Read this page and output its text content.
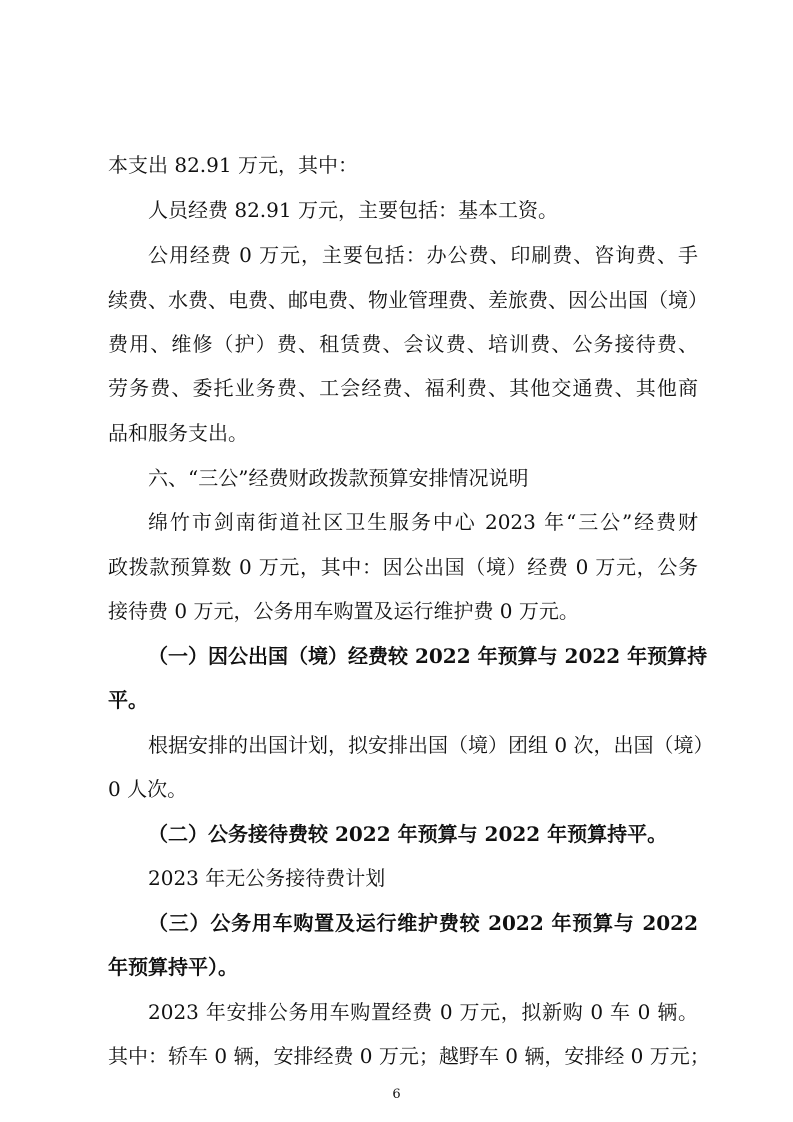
本支出 82.91 万元，其中：
人员经费 82.91 万元，主要包括：基本工资。
公用经费 0 万元，主要包括：办公费、印刷费、咨询费、手
续费、水费、电费、邮电费、物业管理费、差旅费、因公出国（境）
费用、维修（护）费、租赁费、会议费、培训费、公务接待费、
劳务费、委托业务费、工会经费、福利费、其他交通费、其他商
品和服务支出。
六、“三公”经费财政拨款预算安排情况说明
绵竹市剑南街道社区卫生服务中心 2023 年“三公”经费财
政拨款预算数 0 万元，其中：因公出国（境）经费 0 万元，公务
接待费 0 万元，公务用车购置及运行维护费 0 万元。
（一）因公出国（境）经费较 2022 年预算与 2022 年预算持
平。
根据安排的出国计划，拟安排出国（境）团组 0 次，出国（境）
0 人次。
（二）公务接待费较 2022 年预算与 2022 年预算持平。
2023 年无公务接待费计划
（三）公务用车购置及运行维护费较 2022 年预算与 2022
年预算持平）。
2023 年安排公务用车购置经费 0 万元，拟新购 0 车 0 辆。
其中：轿车 0 辆，安排经费 0 万元；越野车 0 辆，安排经 0 万元；
6
